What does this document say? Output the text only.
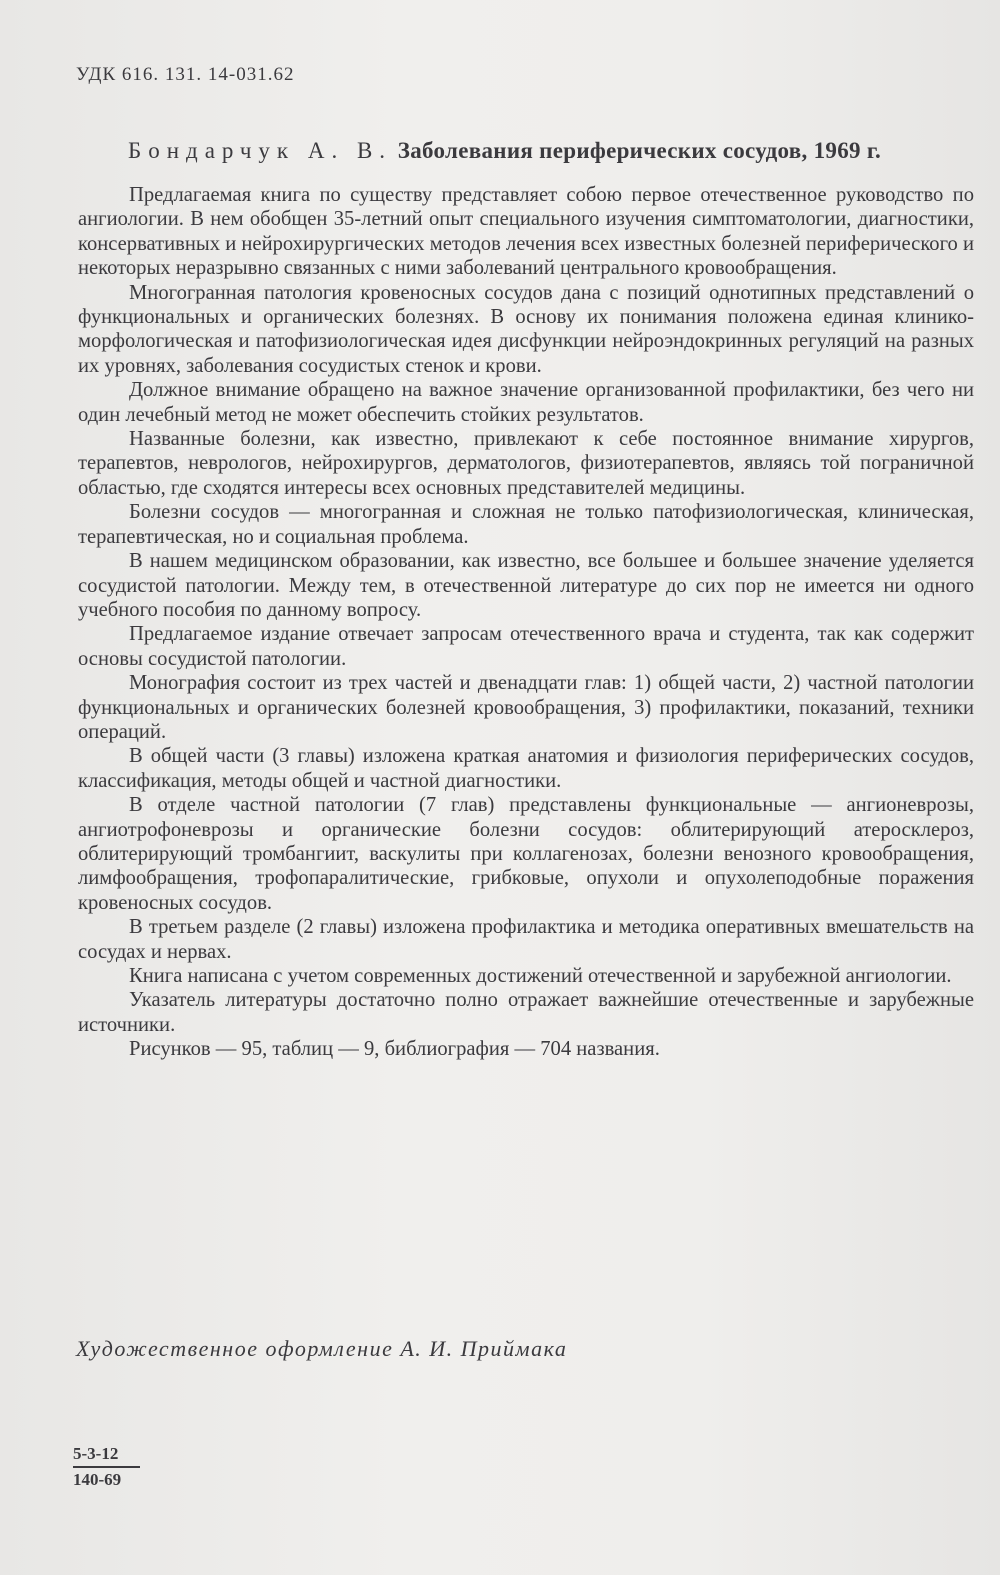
УДК 616. 131. 14-031.62
Бондарчук А. В. Заболевания периферических сосудов, 1969 г.

Предлагаемая книга по существу представляет собою первое отечественное руководство по ангиологии. В нем обобщен 35-летний опыт специального изучения симптоматологии, диагностики, консервативных и нейрохирургических методов лечения всех известных болезней периферического и некоторых неразрывно связанных с ними заболеваний центрального кровообращения.

Многогранная патология кровеносных сосудов дана с позиций однотипных представлений о функциональных и органических болезнях. В основу их понимания положена единая клинико-морфологическая и патофизиологическая идея дисфункции нейроэндокринных регуляций на разных их уровнях, заболевания сосудистых стенок и крови.

Должное внимание обращено на важное значение организованной профилактики, без чего ни один лечебный метод не может обеспечить стойких результатов.

Названные болезни, как известно, привлекают к себе постоянное внимание хирургов, терапевтов, неврологов, нейрохирургов, дерматологов, физиотерапевтов, являясь той пограничной областью, где сходятся интересы всех основных представителей медицины.

Болезни сосудов — многогранная и сложная не только патофизиологическая, клиническая, терапевтическая, но и социальная проблема.

В нашем медицинском образовании, как известно, все большее и большее значение уделяется сосудистой патологии. Между тем, в отечественной литературе до сих пор не имеется ни одного учебного пособия по данному вопросу.

Предлагаемое издание отвечает запросам отечественного врача и студента, так как содержит основы сосудистой патологии.

Монография состоит из трех частей и двенадцати глав: 1) общей части, 2) частной патологии функциональных и органических болезней кровообращения, 3) профилактики, показаний, техники операций.

В общей части (3 главы) изложена краткая анатомия и физиология периферических сосудов, классификация, методы общей и частной диагностики.

В отделе частной патологии (7 глав) представлены функциональные — ангионеврозы, ангиотрофоневрозы и органические болезни сосудов: облитерирующий атеросклероз, облитерирующий тромбангиит, васкулиты при коллагенозах, болезни венозного кровообращения, лимфообращения, трофопаралитические, грибковые, опухоли и опухолеподобные поражения кровеносных сосудов.

В третьем разделе (2 главы) изложена профилактика и методика оперативных вмешательств на сосудах и нервах.

Книга написана с учетом современных достижений отечественной и зарубежной ангиологии.

Указатель литературы достаточно полно отражает важнейшие отечественные и зарубежные источники.

Рисунков — 95, таблиц — 9, библиография — 704 названия.

Художественное оформление А. И. Приймака
$\frac{5-3-12}{140-69}$
